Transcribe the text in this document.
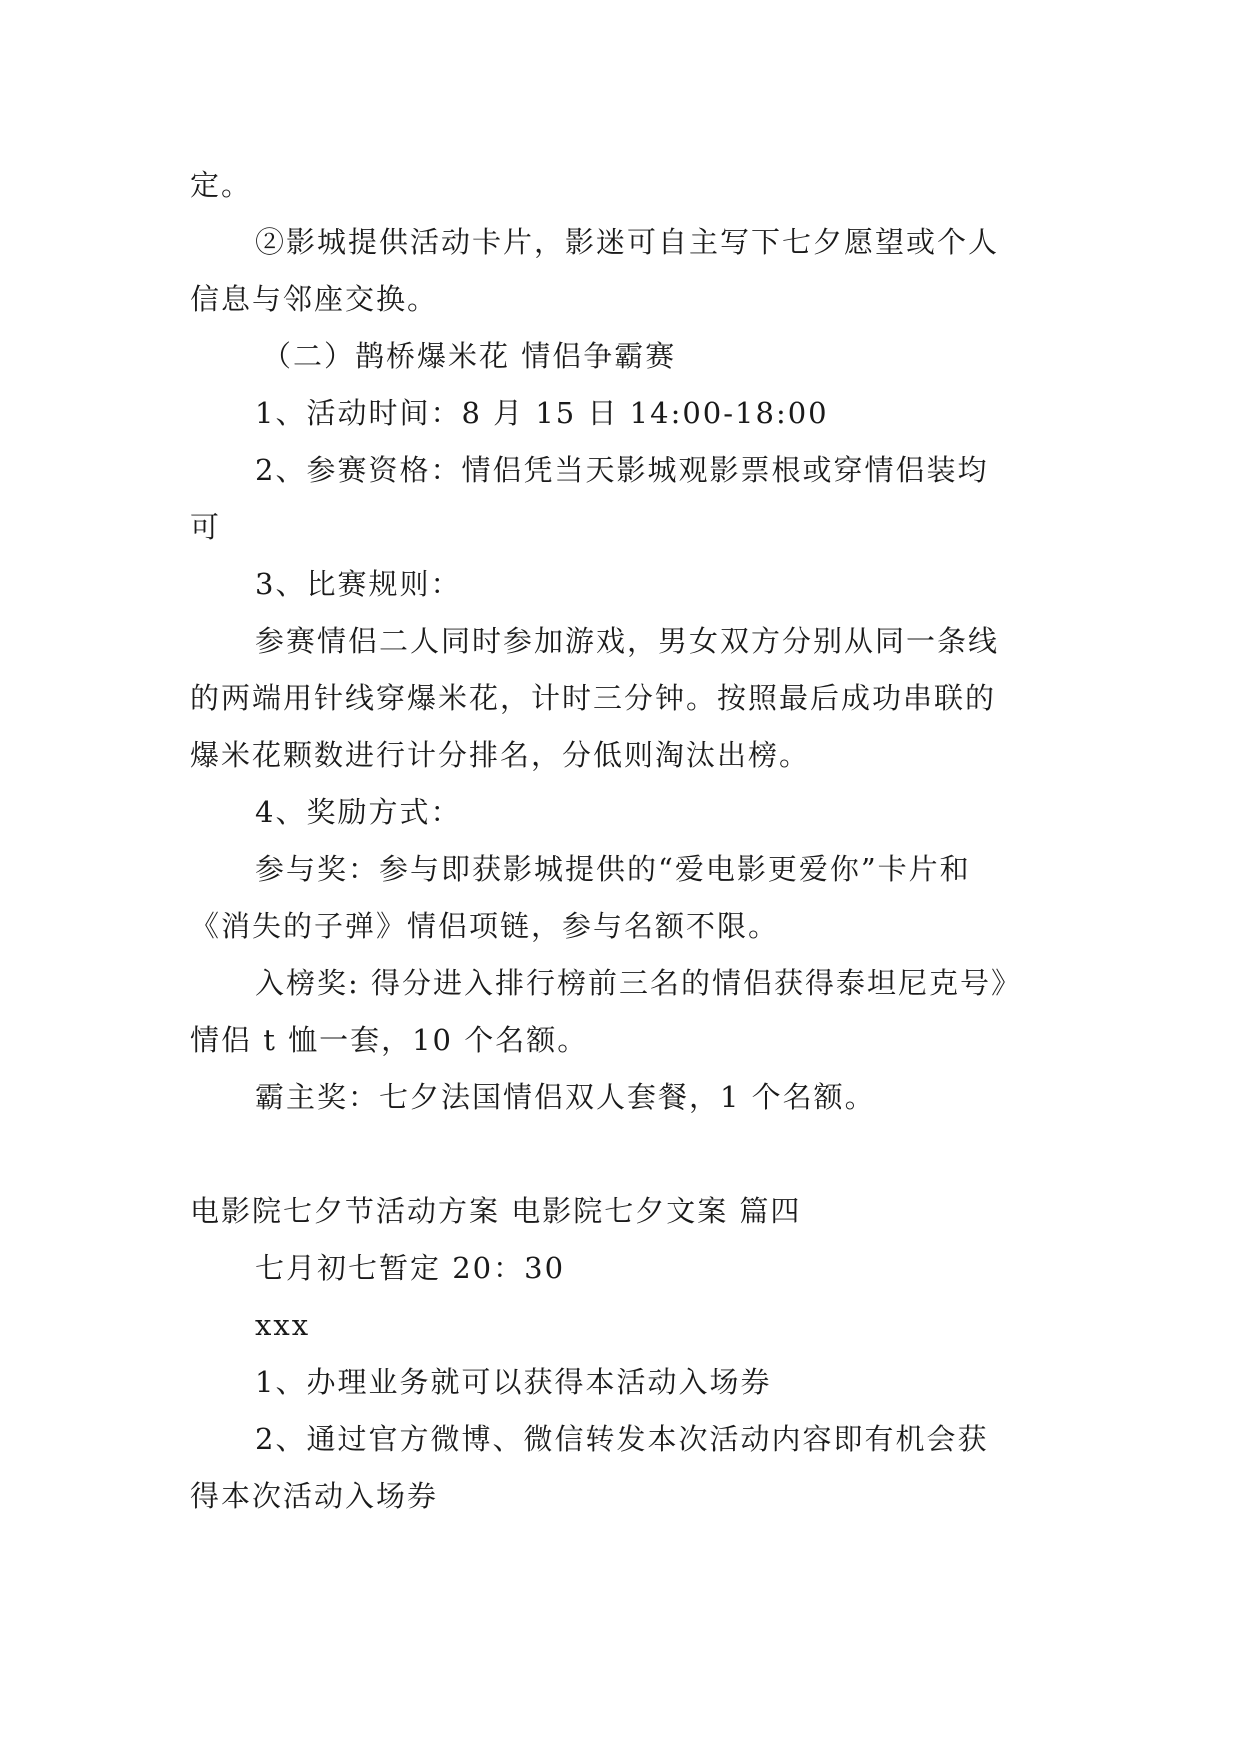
定。
②影城提供活动卡片，影迷可自主写下七夕愿望或个人
信息与邻座交换。
（二）鹊桥爆米花 情侣争霸赛
1、活动时间：8 月 15 日 14:00-18:00
2、参赛资格：情侣凭当天影城观影票根或穿情侣装均
可
3、比赛规则：
参赛情侣二人同时参加游戏，男女双方分别从同一条线
的两端用针线穿爆米花，计时三分钟。按照最后成功串联的
爆米花颗数进行计分排名，分低则淘汰出榜。
4、奖励方式：
参与奖：参与即获影城提供的“爱电影更爱你”卡片和
《消失的子弹》情侣项链，参与名额不限。
入榜奖: 得分进入排行榜前三名的情侣获得泰坦尼克号》
情侣 t 恤一套，10 个名额。
霸主奖：七夕法国情侣双人套餐，1 个名额。
电影院七夕节活动方案 电影院七夕文案 篇四
七月初七暂定 20：30
xxx
1、办理业务就可以获得本活动入场券
2、通过官方微博、微信转发本次活动内容即有机会获
得本次活动入场券
